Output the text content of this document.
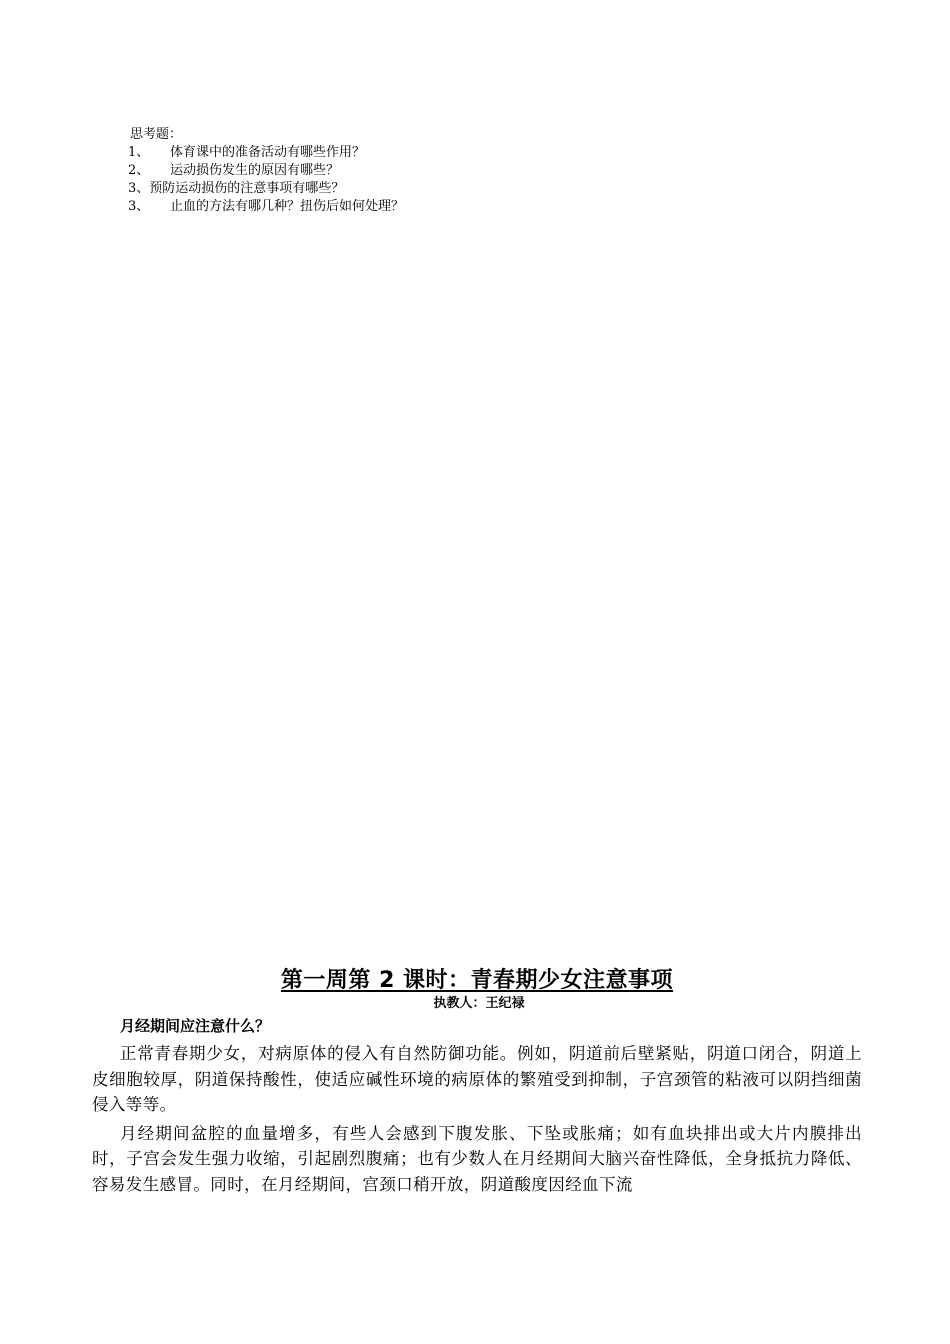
思考题：

1、	体育课中的准备活动有哪些作用？
2、	运动损伤发生的原因有哪些？
3、 预防运动损伤的注意事项有哪些？
3、	止血的方法有哪几种？扭伤后如何处理？
第一周第 2 课时：青春期少女注意事项

执教人：王纪禄

月经期间应注意什么？

正常青春期少女，对病原体的侵入有自然防御功能。例如，阴道前后壁紧贴，阴道口闭合，阴道上皮细胞较厚，阴道保持酸性，使适应碱性环境的病原体的繁殖受到抑制，子宫颈管的粘液可以阴挡细菌侵入等等。

月经期间盆腔的血量增多，有些人会感到下腹发胀、下坠或胀痛；如有血块排出或大片内膜排出时，子宫会发生强力收缩，引起剧烈腹痛；也有少数人在月经期间大脑兴奋性降低，全身抵抗力降低、容易发生感冒。同时，在月经期间，宫颈口稍开放，阴道酸度因经血下流
